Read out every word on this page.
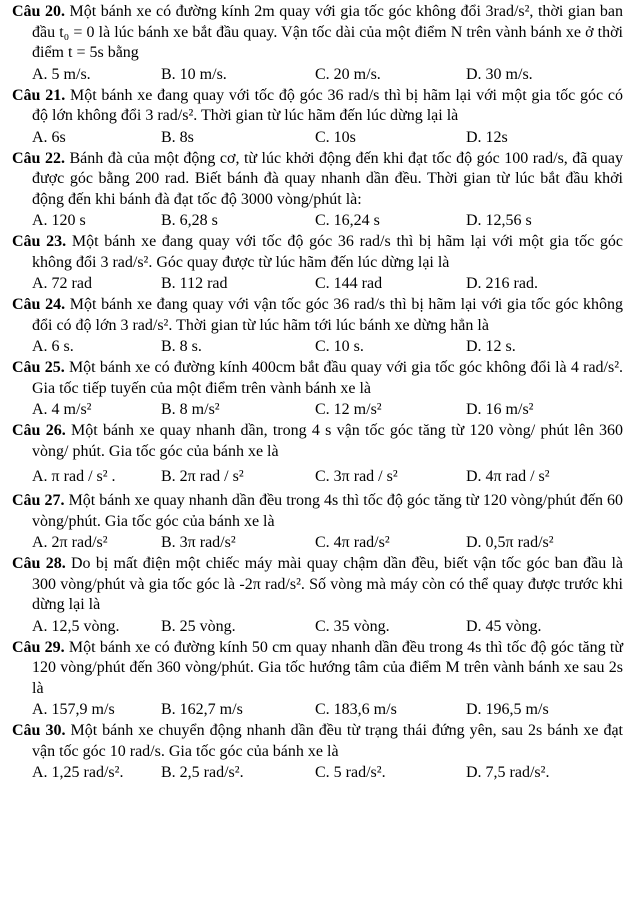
Câu 20. Một bánh xe có đường kính 2m quay với gia tốc góc không đổi 3rad/s², thời gian ban đầu t₀ = 0 là lúc bánh xe bắt đầu quay. Vận tốc dài của một điểm N trên vành bánh xe ở thời điểm t = 5s bằng

A. 5 m/s.	B. 10 m/s.	C. 20 m/s.	D. 30 m/s.

Câu 21. Một bánh xe đang quay với tốc độ góc 36 rad/s thì bị hãm lại với một gia tốc góc có độ lớn không đổi 3 rad/s². Thời gian từ lúc hãm đến lúc dừng lại là

A. 6s	B. 8s	C. 10s	D. 12s

Câu 22. Bánh đà của một động cơ, từ lúc khởi động đến khi đạt tốc độ góc 100 rad/s, đã quay được góc bằng 200 rad. Biết bánh đà quay nhanh dần đều. Thời gian từ lúc bắt đầu khởi động đến khi bánh đà đạt tốc độ 3000 vòng/phút là:

A. 120 s	B. 6,28 s	C. 16,24 s	D. 12,56 s

Câu 23. Một bánh xe đang quay với tốc độ góc 36 rad/s thì bị hãm lại với một gia tốc góc không đổi 3 rad/s². Góc quay được từ lúc hãm đến lúc dừng lại là

A. 72 rad	B. 112 rad	C. 144 rad	D. 216 rad.

Câu 24. Một bánh xe đang quay với vận tốc góc 36 rad/s thì bị hãm lại với gia tốc góc không đổi có độ lớn 3 rad/s². Thời gian từ lúc hãm tới lúc bánh xe dừng hẳn là

A. 6 s.	B. 8 s.	C. 10 s.	D. 12 s.

Câu 25. Một bánh xe có đường kính 400cm bắt đầu quay với gia tốc góc không đổi là 4 rad/s². Gia tốc tiếp tuyến của một điểm trên vành bánh xe là

A. 4 m/s²	B. 8 m/s²	C. 12 m/s²	D. 16 m/s²

Câu 26. Một bánh xe quay nhanh dần, trong 4 s vận tốc góc tăng từ 120 vòng/ phút lên 360 vòng/ phút. Gia tốc góc của bánh xe là

A. π rad / s² .	B. 2π rad / s²	C. 3π rad / s²	D. 4π rad / s²

Câu 27. Một bánh xe quay nhanh dần đều trong 4s thì tốc độ góc tăng từ 120 vòng/phút đến 60 vòng/phút. Gia tốc góc của bánh xe là

A. 2π rad/s²	B. 3π rad/s²	C. 4π rad/s²	D. 0,5π rad/s²

Câu 28. Do bị mất điện một chiếc máy mài quay chậm dần đều, biết vận tốc góc ban đầu là 300 vòng/phút và gia tốc góc là -2π rad/s². Số vòng mà máy còn có thể quay được trước khi dừng lại là

A. 12,5 vòng.	B. 25 vòng.	C. 35 vòng.	D. 45 vòng.

Câu 29. Một bánh xe có đường kính 50 cm quay nhanh dần đều trong 4s thì tốc độ góc tăng từ 120 vòng/phút đến 360 vòng/phút. Gia tốc hướng tâm của điểm M trên vành bánh xe sau 2s là

A. 157,9 m/s	B. 162,7 m/s	C. 183,6 m/s	D. 196,5 m/s

Câu 30. Một bánh xe chuyển động nhanh dần đều từ trạng thái đứng yên, sau 2s bánh xe đạt vận tốc góc 10 rad/s. Gia tốc góc của bánh xe là

A. 1,25 rad/s².	B. 2,5 rad/s².	C. 5 rad/s².	D. 7,5 rad/s².
